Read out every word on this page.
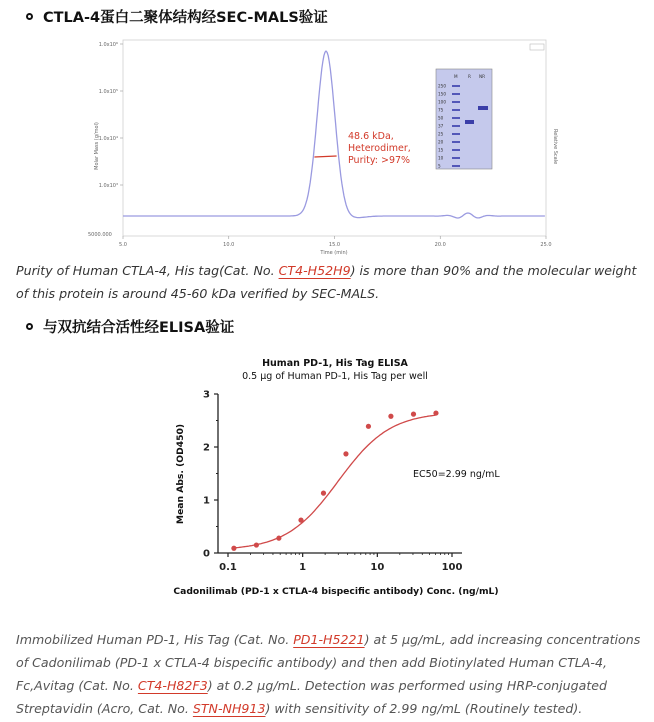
CTLA-4蛋白二聚体结构经SEC-MALS验证
1.0x10⁶
1.0x10⁵
1.0x10⁴
1.0x10³
5.0	10.0	15.0	20.0	25.0
Molar Mass (g/mol)
Time (min)
5000.000
Relative Scale
48.6 kDa,
Heterodimer,
Purity: >97%
M R NR
250
150
100
75
50
37
25
20
15
10
5

Purity of Human CTLA-4, His tag(Cat. No. CT4-H52H9) is more than 90% and the molecular weight of this protein is around 45-60 kDa verified by SEC-MALS.

与双抗结合活性经ELISA验证
Human PD-1, His Tag ELISA
0.5 μg of Human PD-1, His Tag per well
0
1
2
3
0.1	1	10	100
Mean Abs. (OD450)
Cadonilimab (PD-1 x CTLA-4 bispecific antibody) Conc. (ng/mL)
EC50=2.99 ng/mL

Immobilized Human PD-1, His Tag (Cat. No. PD1-H5221) at 5 μg/mL, add increasing concentrations of Cadonilimab (PD-1 x CTLA-4 bispecific antibody) and then add Biotinylated Human CTLA-4, Fc,Avitag (Cat. No. CT4-H82F3) at 0.2 μg/mL. Detection was performed using HRP-conjugated Streptavidin (Acro, Cat. No. STN-NH913) with sensitivity of 2.99 ng/mL (Routinely tested).
